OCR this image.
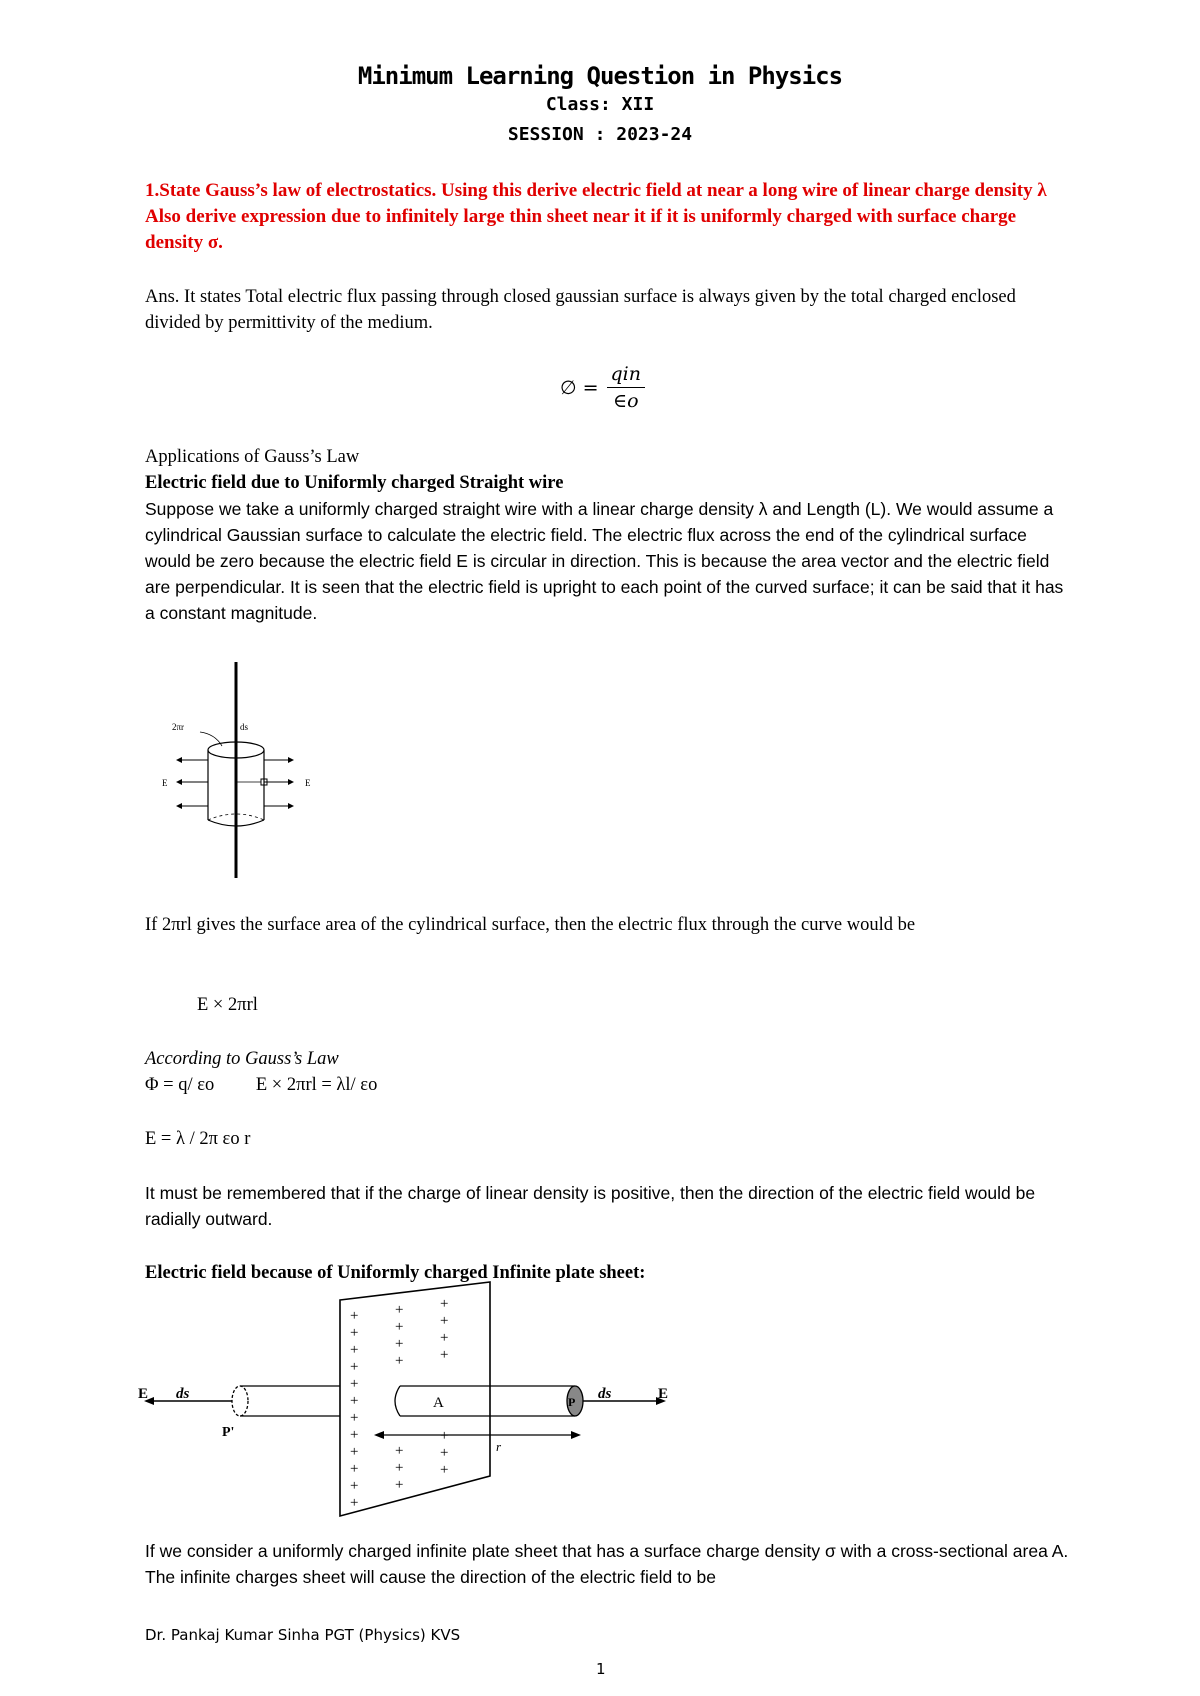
Minimum Learning Question in Physics
Class: XII
SESSION : 2023-24
1.State Gauss’s law of electrostatics. Using this derive electric field at near a long wire of linear charge density λ Also derive expression due to infinitely large thin sheet near it if it is uniformly charged with surface charge density σ.
Ans. It states Total electric flux passing through closed gaussian surface is always given by the total charged enclosed divided by permittivity of the medium.
∅ = $\frac{\text{qin}}{\in o}$
Applications of Gauss’s Law
Electric field due to Uniformly charged Straight wire
Suppose we take a uniformly charged straight wire with a linear charge density λ and Length (L). We would assume a cylindrical Gaussian surface to calculate the electric field. The electric flux across the end of the cylindrical surface would be zero because the electric field E is circular in direction. This is because the area vector and the electric field are perpendicular. It is seen that the electric field is upright to each point of the curved surface; it can be said that it has a constant magnitude.
2πr	ds
E	E
If 2πrl gives the surface area of the cylindrical surface, then the electric flux through the curve would be
E × 2πrl
According to Gauss’s Law
Φ = q/ εo         E × 2πrl = λl/ εo
E = λ / 2π εo r
It must be remembered that if the charge of linear density is positive, then the direction of the electric field would be radially outward.
Electric field because of Uniformly charged Infinite plate sheet:
+
+
+
+
+
+
+
+
+
+
+
+
+
+
+
+
+
+
+
+
+
+
+
+
+
+
E ds
P'
A	P
r
ds	E
If we consider a uniformly charged infinite plate sheet that has a surface charge density σ with a cross-sectional area A. The infinite charges sheet will cause the direction of the electric field to be
Dr. Pankaj Kumar Sinha PGT (Physics) KVS
1
